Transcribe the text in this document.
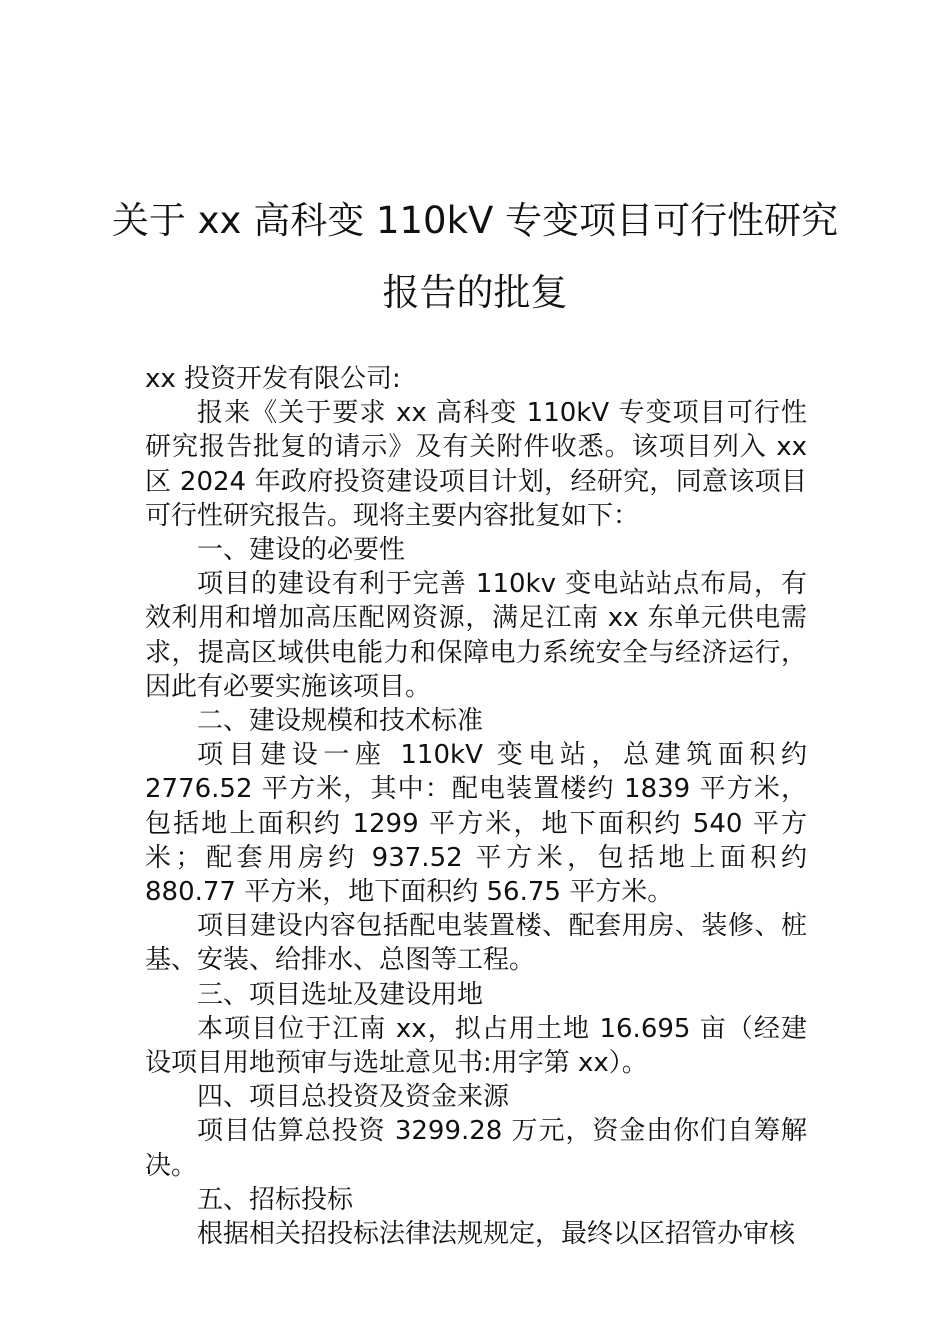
关于 xx 高科变 110kV 专变项目可行性研究
报告的批复

xx 投资开发有限公司:

报来《关于要求 xx 高科变 110kV 专变项目可行性研究报告批复的请示》及有关附件收悉。该项目列入 xx 区 2024 年政府投资建设项目计划，经研究，同意该项目可行性研究报告。现将主要内容批复如下：

一、建设的必要性

项目的建设有利于完善 110kv 变电站站点布局，有效利用和增加高压配网资源，满足江南 xx 东单元供电需求，提高区域供电能力和保障电力系统安全与经济运行，因此有必要实施该项目。

二、建设规模和技术标准

项目建设一座 110kV 变电站，总建筑面积约 2776.52 平方米，其中：配电装置楼约 1839 平方米，包括地上面积约 1299 平方米，地下面积约 540 平方米；配套用房约 937.52 平方米，包括地上面积约 880.77 平方米，地下面积约 56.75 平方米。

项目建设内容包括配电装置楼、配套用房、装修、桩基、安装、给排水、总图等工程。

三、项目选址及建设用地

本项目位于江南 xx，拟占用土地 16.695 亩（经建设项目用地预审与选址意见书:用字第 xx）。

四、项目总投资及资金来源

项目估算总投资 3299.28 万元，资金由你们自筹解决。

五、招标投标

根据相关招投标法律法规规定，最终以区招管办审核
